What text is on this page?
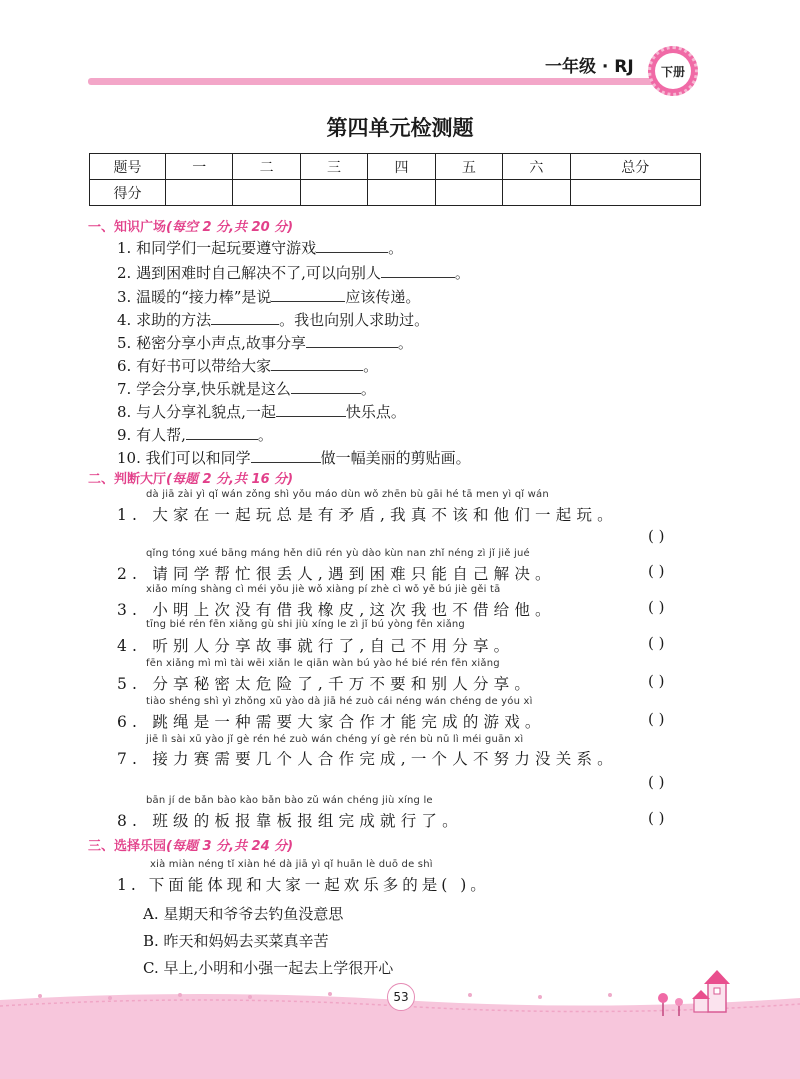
一年级 · RJ	下册
第四单元检测题
题号	一	二	三	四	五	六	总分
得分							
一、知识广场(每空 2 分,共 20 分)
1. 和同学们一起玩要遵守游戏	。
2. 遇到困难时自己解决不了,可以向别人	。
3. 温暖的“接力棒”是说	应该传递。
4. 求助的方法	。我也向别人求助过。
5. 秘密分享小声点,故事分享	。
6. 有好书可以带给大家	。
7. 学会分享,快乐就是这么	。
8. 与人分享礼貌点,一起	快乐点。
9. 有人帮,	。
10. 我们可以和同学	做一幅美丽的剪贴画。
二、判断大厅(每题 2 分,共 16 分)
dà jiā zài yì qǐ wán zǒng shì yǒu máo dùn wǒ zhēn bù gāi hé tā men yì qǐ wán
1. 大家在一起玩总是有矛盾,我真不该和他们一起玩。
( )
qǐng tóng xué bāng máng hěn diū rén yù dào kùn nan zhǐ néng zì jǐ jiě jué
2. 请同学帮忙很丢人,遇到困难只能自己解决。	( )
xiǎo míng shàng cì méi yǒu jiè wǒ xiàng pí zhè cì wǒ yě bú jiè gěi tā
3. 小明上次没有借我橡皮,这次我也不借给他。	( )
tīng bié rén fēn xiǎng gù shi jiù xíng le zì jǐ bú yòng fēn xiǎng
4. 听别人分享故事就行了,自己不用分享。	( )
fēn xiǎng mì mì tài wēi xiǎn le qiān wàn bú yào hé bié rén fēn xiǎng
5. 分享秘密太危险了,千万不要和别人分享。	( )
tiào shéng shì yì zhǒng xū yào dà jiā hé zuò cái néng wán chéng de yóu xì
6. 跳绳是一种需要大家合作才能完成的游戏。	( )
jiē lì sài xū yào jǐ gè rén hé zuò wán chéng yí gè rén bù nǔ lì méi guān xì
7. 接力赛需要几个人合作完成,一个人不努力没关系。
( )
bān jí de bǎn bào kào bǎn bào zǔ wán chéng jiù xíng le
8. 班级的板报靠板报组完成就行了。	( )
三、选择乐园(每题 3 分,共 24 分)
xià miàn néng tǐ xiàn hé dà jiā yì qǐ huān lè duō de shì
1. 下面能体现和大家一起欢乐多的是( )。
A. 星期天和爷爷去钓鱼没意思
B. 昨天和妈妈去买菜真辛苦
C. 早上,小明和小强一起去上学很开心
53
